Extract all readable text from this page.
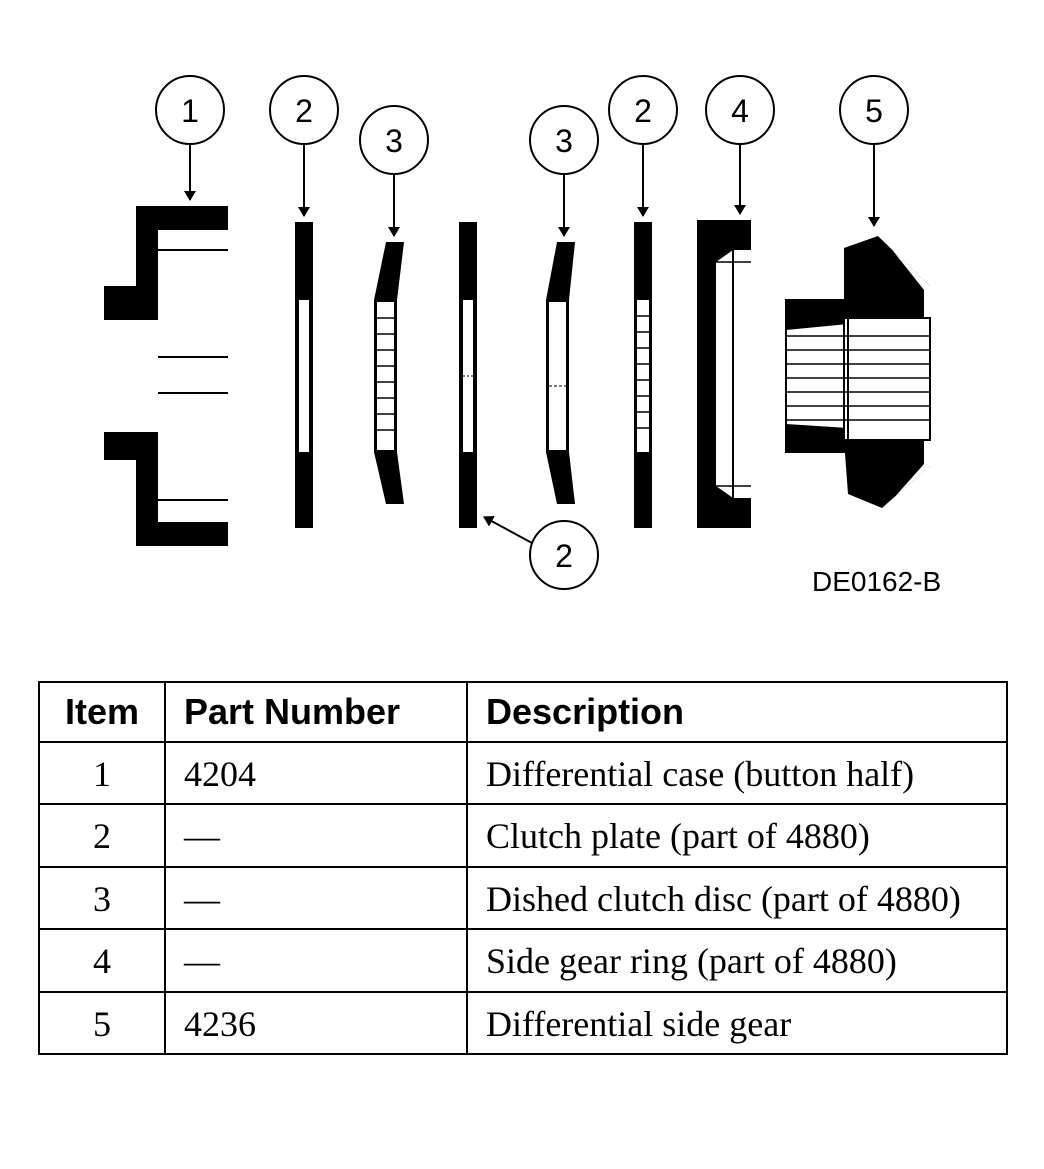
1	2
3
2
3
2 4	5
DE0162-B
Item	Part Number	Description
1	4204	Differential case (button half)
2	—	Clutch plate (part of 4880)
3	—	Dished clutch disc (part of 4880)
4	—	Side gear ring (part of 4880)
5	4236	Differential side gear
